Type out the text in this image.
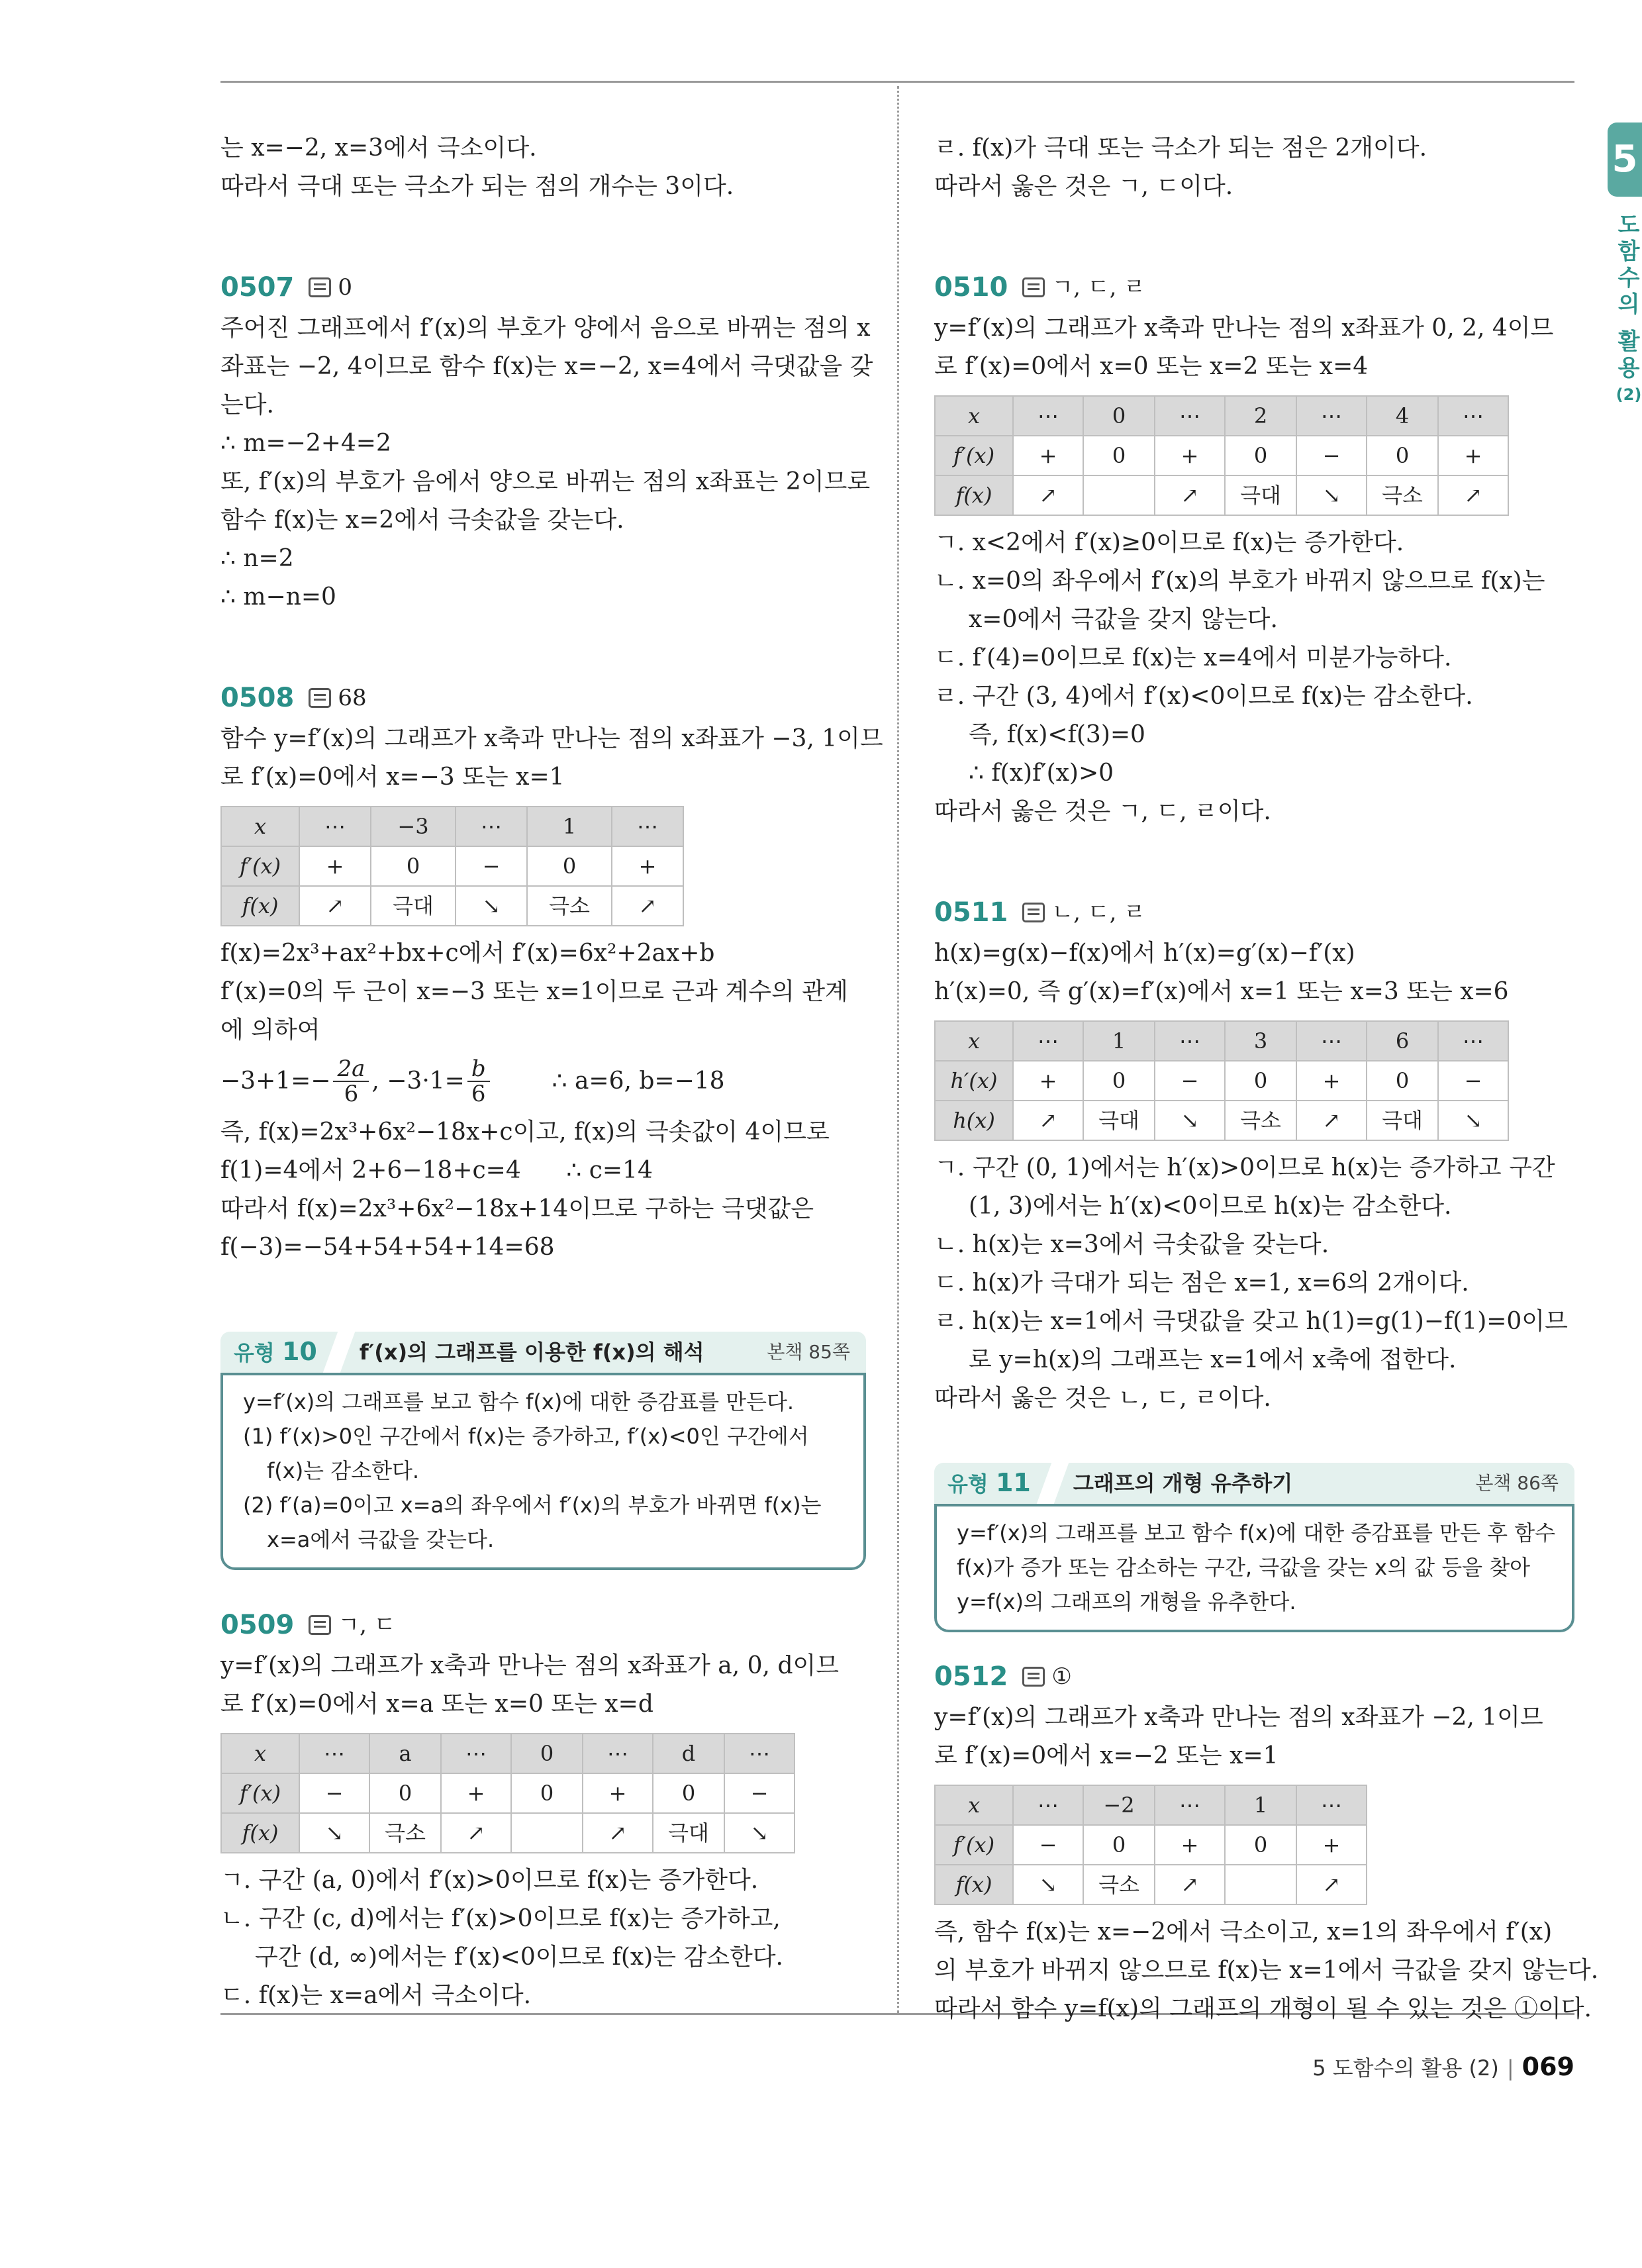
5
도
함
수
의
활
용
(2)
는 x=−2, x=3에서 극소이다.
따라서 극대 또는 극소가 되는 점의 개수는 3이다.
0507 0
주어진 그래프에서 f′(x)의 부호가 양에서 음으로 바뀌는 점의 x
좌표는 −2, 4이므로 함수 f(x)는 x=−2, x=4에서 극댓값을 갖
는다.
∴ m=−2+4=2
또, f′(x)의 부호가 음에서 양으로 바뀌는 점의 x좌표는 2이므로
함수 f(x)는 x=2에서 극솟값을 갖는다.
∴ n=2
∴ m−n=0
0508 68
함수 y=f′(x)의 그래프가 x축과 만나는 점의 x좌표가 −3, 1이므
로 f′(x)=0에서 x=−3 또는 x=1
x	⋯	−3	⋯	1	⋯
f′(x)	+	0	−	0	+
f(x)	↗	극대	↘	극소	↗
f(x)=2x³+ax²+bx+c에서 f′(x)=6x²+2ax+b
f′(x)=0의 두 근이 x=−3 또는 x=1이므로 근과 계수의 관계
에 의하여
$-3+1=- \frac{2a}{6}$ , $-3\cdot 1= \frac{b}{6}$	∴ a=6, b=−18
즉, f(x)=2x³+6x²−18x+c이고, f(x)의 극솟값이 4이므로
f(1)=4에서 2+6−18+c=4      ∴ c=14
따라서 f(x)=2x³+6x²−18x+14이므로 구하는 극댓값은
f(−3)=−54+54+54+14=68
유형 10	f′(x)의 그래프를 이용한 f(x)의 해석	본책 85쪽
y=f′(x)의 그래프를 보고 함수 f(x)에 대한 증감표를 만든다.
(1) f′(x)>0인 구간에서 f(x)는 증가하고, f′(x)<0인 구간에서
f(x)는 감소한다.
(2) f′(a)=0이고 x=a의 좌우에서 f′(x)의 부호가 바뀌면 f(x)는
x=a에서 극값을 갖는다.
0509 ㄱ, ㄷ
y=f′(x)의 그래프가 x축과 만나는 점의 x좌표가 a, 0, d이므
로 f′(x)=0에서 x=a 또는 x=0 또는 x=d
x	⋯	a	⋯	0	⋯	d	⋯
f′(x)	−	0	+	0	+	0	−
f(x)	↘	극소	↗		↗	극대	↘
ㄱ. 구간 (a, 0)에서 f′(x)>0이므로 f(x)는 증가한다.
ㄴ. 구간 (c, d)에서는 f′(x)>0이므로 f(x)는 증가하고,
구간 (d, ∞)에서는 f′(x)<0이므로 f(x)는 감소한다.
ㄷ. f(x)는 x=a에서 극소이다.
ㄹ. f(x)가 극대 또는 극소가 되는 점은 2개이다.
따라서 옳은 것은 ㄱ, ㄷ이다.
0510 ㄱ, ㄷ, ㄹ
y=f′(x)의 그래프가 x축과 만나는 점의 x좌표가 0, 2, 4이므
로 f′(x)=0에서 x=0 또는 x=2 또는 x=4
x	⋯	0	⋯	2	⋯	4	⋯
f′(x)	+	0	+	0	−	0	+
f(x)	↗		↗	극대	↘	극소	↗
ㄱ. x<2에서 f′(x)≥0이므로 f(x)는 증가한다.
ㄴ. x=0의 좌우에서 f′(x)의 부호가 바뀌지 않으므로 f(x)는
x=0에서 극값을 갖지 않는다.
ㄷ. f′(4)=0이므로 f(x)는 x=4에서 미분가능하다.
ㄹ. 구간 (3, 4)에서 f′(x)<0이므로 f(x)는 감소한다.
즉, f(x)<f(3)=0
∴ f(x)f′(x)>0
따라서 옳은 것은 ㄱ, ㄷ, ㄹ이다.
0511 ㄴ, ㄷ, ㄹ
h(x)=g(x)−f(x)에서 h′(x)=g′(x)−f′(x)
h′(x)=0, 즉 g′(x)=f′(x)에서 x=1 또는 x=3 또는 x=6
x	⋯	1	⋯	3	⋯	6	⋯
h′(x)	+	0	−	0	+	0	−
h(x)	↗	극대	↘	극소	↗	극대	↘
ㄱ. 구간 (0, 1)에서는 h′(x)>0이므로 h(x)는 증가하고 구간
(1, 3)에서는 h′(x)<0이므로 h(x)는 감소한다.
ㄴ. h(x)는 x=3에서 극솟값을 갖는다.
ㄷ. h(x)가 극대가 되는 점은 x=1, x=6의 2개이다.
ㄹ. h(x)는 x=1에서 극댓값을 갖고 h(1)=g(1)−f(1)=0이므
로 y=h(x)의 그래프는 x=1에서 x축에 접한다.
따라서 옳은 것은 ㄴ, ㄷ, ㄹ이다.
유형 11	그래프의 개형 유추하기	본책 86쪽
y=f′(x)의 그래프를 보고 함수 f(x)에 대한 증감표를 만든 후 함수
f(x)가 증가 또는 감소하는 구간, 극값을 갖는 x의 값 등을 찾아
y=f(x)의 그래프의 개형을 유추한다.
0512 ①
y=f′(x)의 그래프가 x축과 만나는 점의 x좌표가 −2, 1이므
로 f′(x)=0에서 x=−2 또는 x=1
x	⋯	−2	⋯	1	⋯
f′(x)	−	0	+	0	+
f(x)	↘	극소	↗		↗
즉, 함수 f(x)는 x=−2에서 극소이고, x=1의 좌우에서 f′(x)
의 부호가 바뀌지 않으므로 f(x)는 x=1에서 극값을 갖지 않는다.
따라서 함수 y=f(x)의 그래프의 개형이 될 수 있는 것은 ①이다.
5 도함수의 활용 (2) | 069
